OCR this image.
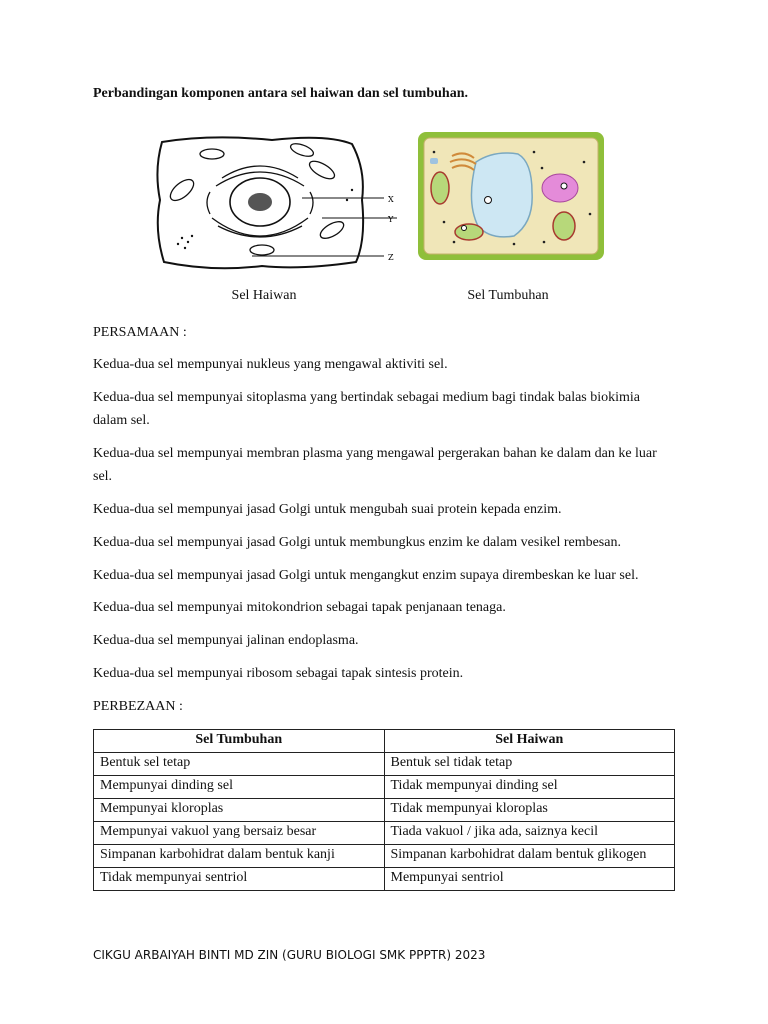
Perbandingan komponen antara sel haiwan dan sel tumbuhan.
X
Y
Z
Sel Haiwan	Sel Tumbuhan
PERSAMAAN :
Kedua-dua sel mempunyai nukleus yang mengawal aktiviti sel.
Kedua-dua sel mempunyai sitoplasma yang bertindak sebagai medium bagi tindak balas biokimia dalam sel.
Kedua-dua sel mempunyai membran plasma yang mengawal pergerakan bahan ke dalam dan ke luar sel.
Kedua-dua sel mempunyai jasad Golgi untuk mengubah suai protein kepada enzim.
Kedua-dua sel mempunyai jasad Golgi untuk membungkus enzim ke dalam vesikel rembesan.
Kedua-dua sel mempunyai jasad Golgi untuk mengangkut enzim supaya dirembeskan ke luar sel.
Kedua-dua sel mempunyai mitokondrion sebagai tapak penjanaan tenaga.
Kedua-dua sel mempunyai jalinan endoplasma.
Kedua-dua sel mempunyai ribosom sebagai tapak sintesis protein.
PERBEZAAN :
Sel Tumbuhan	Sel Haiwan
Bentuk sel tetap	Bentuk sel tidak tetap
Mempunyai dinding sel	Tidak mempunyai dinding sel
Mempunyai kloroplas	Tidak mempunyai kloroplas
Mempunyai vakuol yang bersaiz besar	Tiada vakuol / jika ada, saiznya kecil
Simpanan karbohidrat dalam bentuk kanji	Simpanan karbohidrat dalam bentuk glikogen
Tidak mempunyai sentriol	Mempunyai sentriol
CIKGU ARBAIYAH BINTI MD ZIN (GURU BIOLOGI SMK PPPTR) 2023
